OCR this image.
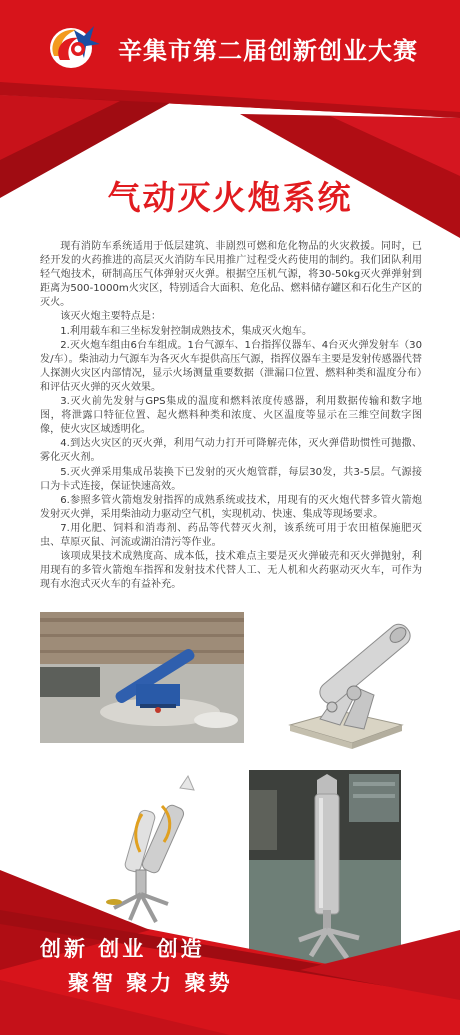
辛集市第二届创新创业大赛
气动灭火炮系统

现有消防车系统适用于低层建筑、非剧烈可燃和危化物品的火灾救援。同时，已经开发的火药推进的高层灭火消防车民用推广过程受火药使用的制约。我们团队利用轻气炮技术，研制高压气体弹射灭火弹。根据空压机气源，将30-50kg灭火弹弹射到距离为500-1000m火灾区，特别适合大面积、危化品、燃料储存罐区和石化生产区的灭火。

该灭火炮主要特点是：

1.利用载车和三坐标发射控制成熟技术，集成灭火炮车。

2.灭火炮车组由6台车组成。1台气源车、1台指挥仪器车、4台灭火弹发射车（30发/车）。柴油动力气源车为各灭火车提供高压气源，指挥仪器车主要是发射传感器代替人探测火灾区内部情况，显示火场测量重要数据（泄漏口位置、燃料种类和温度分布）和评估灭火弹的灭火效果。

3.灭火前先发射与GPS集成的温度和燃料浓度传感器，利用数据传输和数字地图，将泄露口特征位置、起火燃料种类和浓度、火区温度等显示在三维空间数字图像，使火灾区域透明化。

4.到达火灾区的灭火弹，利用气动力打开可降解壳体，灭火弹借助惯性可抛撒、雾化灭火剂。

5.灭火弹采用集成吊装换下已发射的灭火炮管群，每层30发，共3-5层。气源接口为卡式连接，保证快速高效。

6.参照多管火箭炮发射指挥的成熟系统或技术，用现有的灭火炮代替多管火箭炮发射灭火弹，采用柴油动力驱动空气机，实现机动、快速、集成等现场要求。

7.用化肥、饲料和消毒剂、药品等代替灭火剂，该系统可用于农田植保施肥灭虫、草原灭鼠、河流或湖泊清污等作业。

该项成果技术成熟度高、成本低，技术难点主要是灭火弹破壳和灭火弹抛射，利用现有的多管火箭炮车指挥和发射技术代替人工、无人机和火药驱动灭火车，可作为现有水泡式灭火车的有益补充。

创新 创业 创造
聚智 聚力 聚势
